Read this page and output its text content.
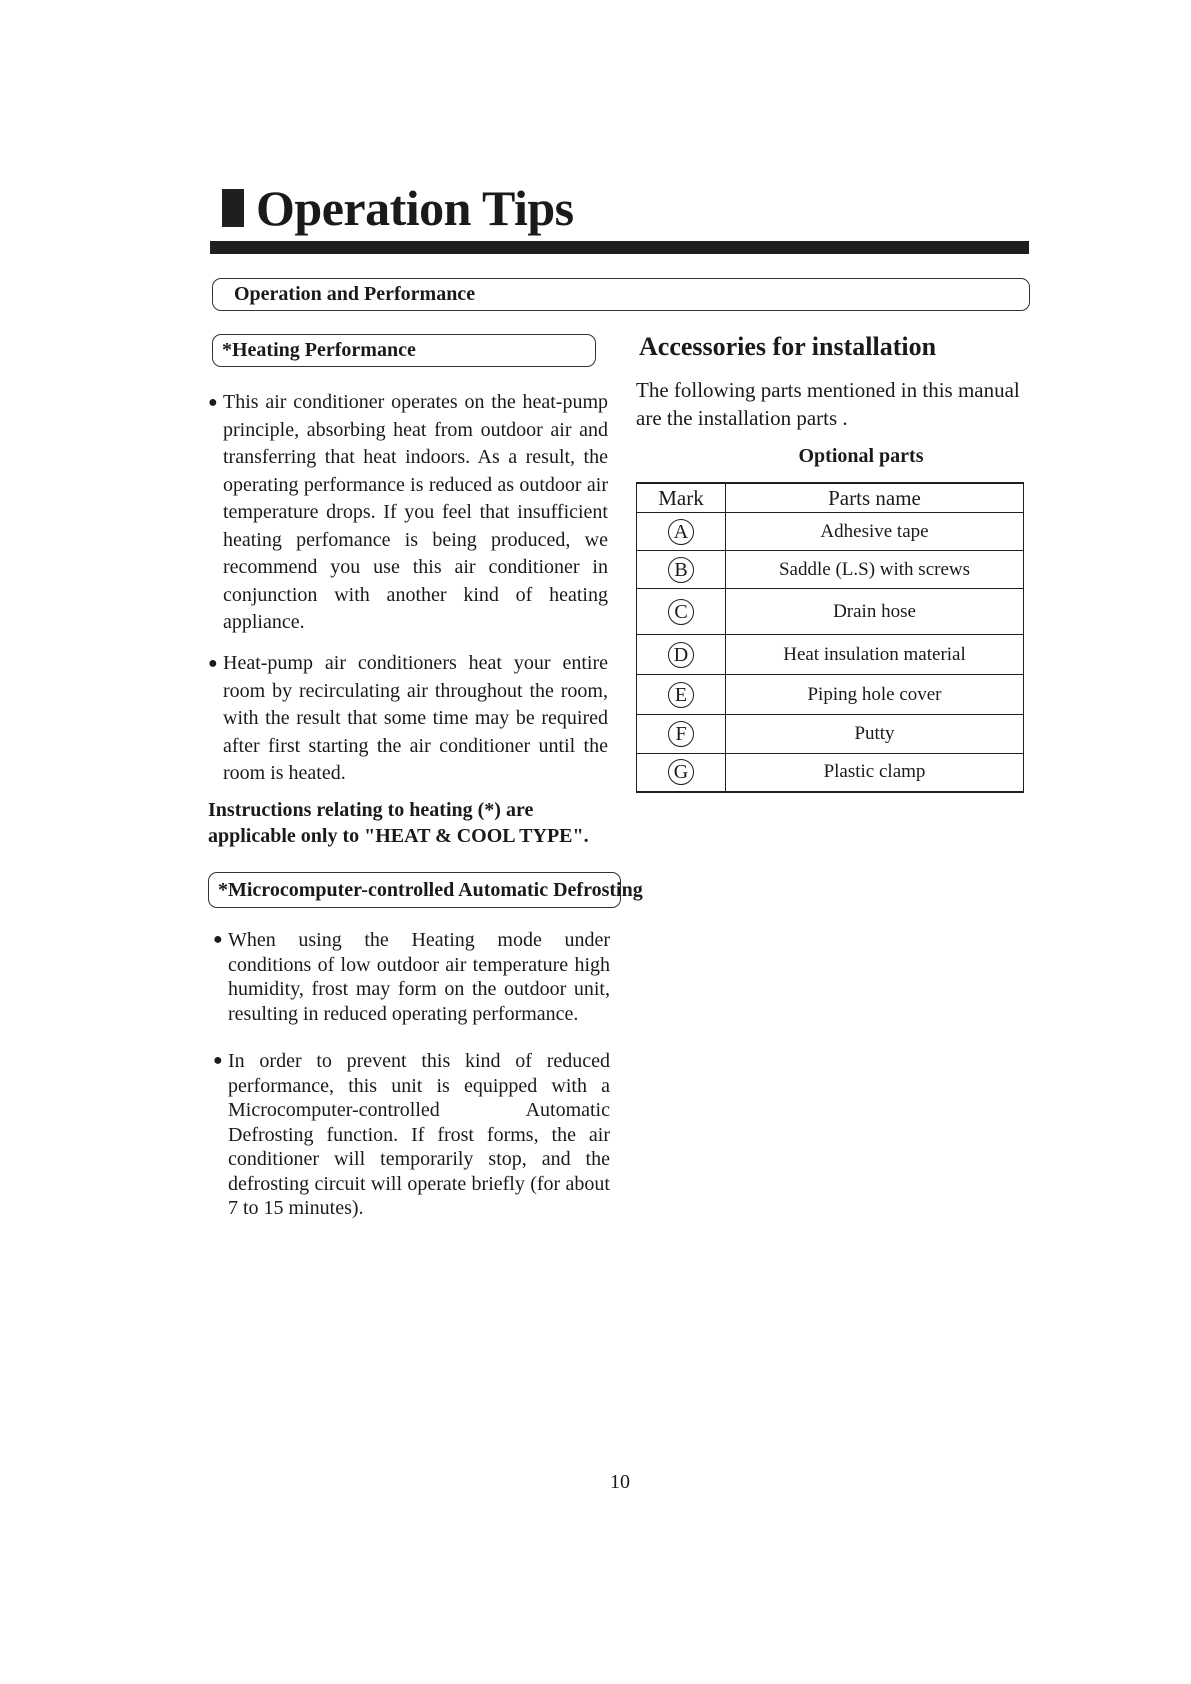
Operation Tips
Operation and Performance
*Heating Performance
● This air conditioner operates on the heat-pump principle, absorbing heat from outdoor air and transferring that heat indoors. As a result, the operating performance is reduced as outdoor air temperature drops. If you feel that insufficient heating perfomance is being produced, we recommend you use this air conditioner in conjunction with another kind of heating appliance.

● Heat-pump air conditioners heat your entire room by recirculating air throughout the room, with the result that some time may be required after first starting the air conditioner until the room is heated.

Instructions relating to heating (*) are applicable only to "HEAT & COOL TYPE".
*Microcomputer-controlled Automatic Defrosting
● When using the Heating mode under conditions of low outdoor air temperature high humidity, frost may form on the outdoor unit, resulting in reduced operating performance.

● In order to prevent this kind of reduced performance, this unit is equipped with a Microcomputer-controlled Automatic Defrosting function. If frost forms, the air conditioner will temporarily stop, and the defrosting circuit will operate briefly (for about 7 to 15 minutes).

Accessories for installation
The following parts mentioned in this manual are the installation parts .
Optional parts
Mark	Parts name
A	Adhesive tape
B	Saddle (L.S) with screws
C	Drain hose
D	Heat insulation material
E	Piping hole cover
F	Putty
G	Plastic clamp
10
